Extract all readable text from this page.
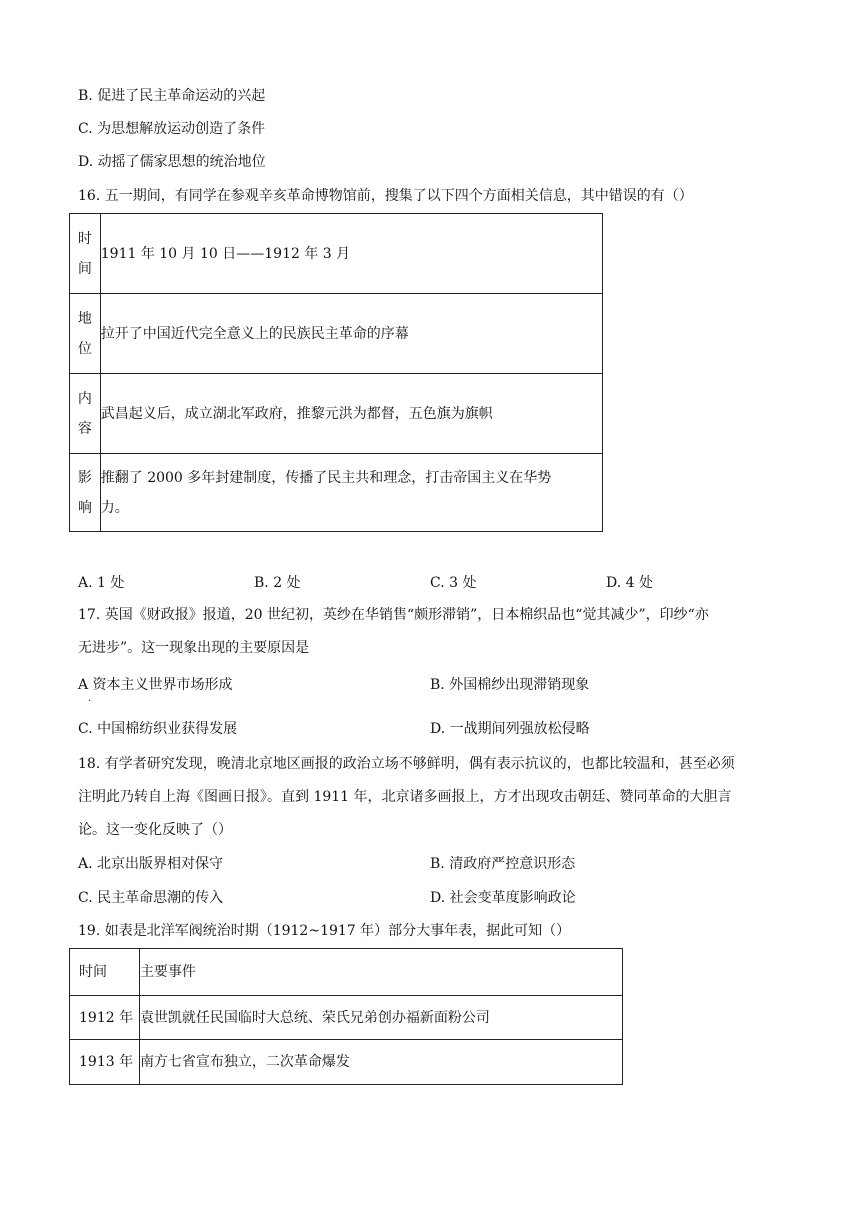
B. 促进了民主革命运动的兴起
C. 为思想解放运动创造了条件
D. 动摇了儒家思想的统治地位
16. 五一期间，有同学在参观辛亥革命博物馆前，搜集了以下四个方面相关信息，其中错误的有（）
时
间	1911 年 10 月 10 日——1912 年 3 月

地
位	拉开了中国近代完全意义上的民族民主革命的序幕

内
容	武昌起义后，成立湖北军政府，推黎元洪为都督，五色旗为旗帜

影
响	推翻了 2000 多年封建制度，传播了民主共和理念，打击帝国主义在华势
力。
A. 1 处	B. 2 处	C. 3 处	D. 4 处
17. 英国《财政报》报道，20 世纪初，英纱在华销售“颇形滞销”，日本棉织品也“觉其减少”，印纱“亦
无进步”。这一现象出现的主要原因是
A 资本主义世界市场形成
·
B. 外国棉纱出现滞销现象
C. 中国棉纺织业获得发展	D. 一战期间列强放松侵略
18. 有学者研究发现，晚清北京地区画报的政治立场不够鲜明，偶有表示抗议的，也都比较温和，甚至必须
注明此乃转自上海《图画日报》。直到 1911 年，北京诸多画报上，方才出现攻击朝廷、赞同革命的大胆言
论。这一变化反映了（）
A. 北京出版界相对保守	B. 清政府严控意识形态
C. 民主革命思潮的传入	D. 社会变革度影响政论
19. 如表是北洋军阀统治时期（1912~1917 年）部分大事年表，据此可知（）
时间	主要事件
1912 年	袁世凯就任民国临时大总统、荣氏兄弟创办福新面粉公司
1913 年	南方七省宣布独立，二次革命爆发
